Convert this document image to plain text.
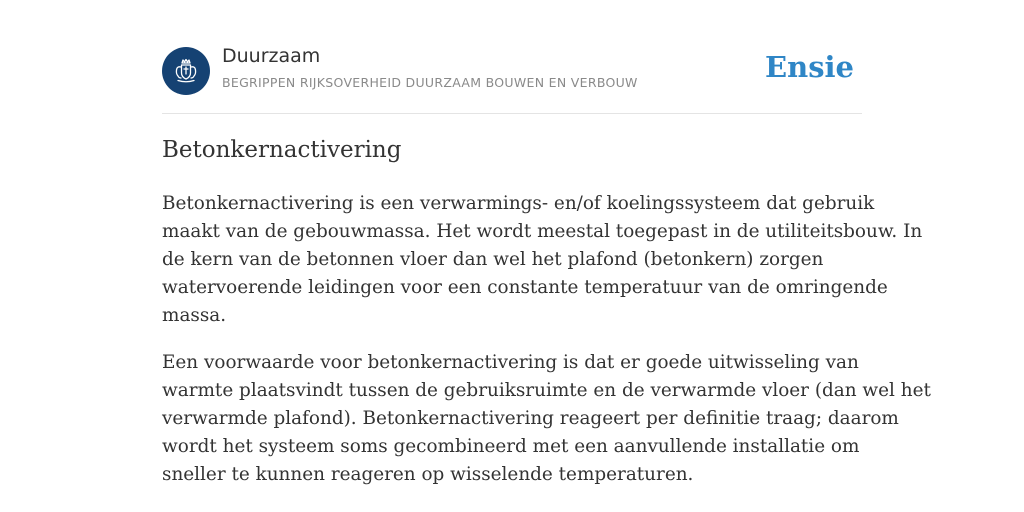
Duurzaam

BEGRIPPEN RIJKSOVERHEID DUURZAAM BOUWEN EN VERBOUW	Ensie
Betonkernactivering

Betonkernactivering is een verwarmings- en/of koelingssysteem dat gebruik
maakt van de gebouwmassa. Het wordt meestal toegepast in de utiliteitsbouw. In
de kern van de betonnen vloer dan wel het plafond (betonkern) zorgen
watervoerende leidingen voor een constante temperatuur van de omringende
massa.

Een voorwaarde voor betonkernactivering is dat er goede uitwisseling van
warmte plaatsvindt tussen de gebruiksruimte en de verwarmde vloer (dan wel het
verwarmde plafond). Betonkernactivering reageert per definitie traag; daarom
wordt het systeem soms gecombineerd met een aanvullende installatie om
sneller te kunnen reageren op wisselende temperaturen.
